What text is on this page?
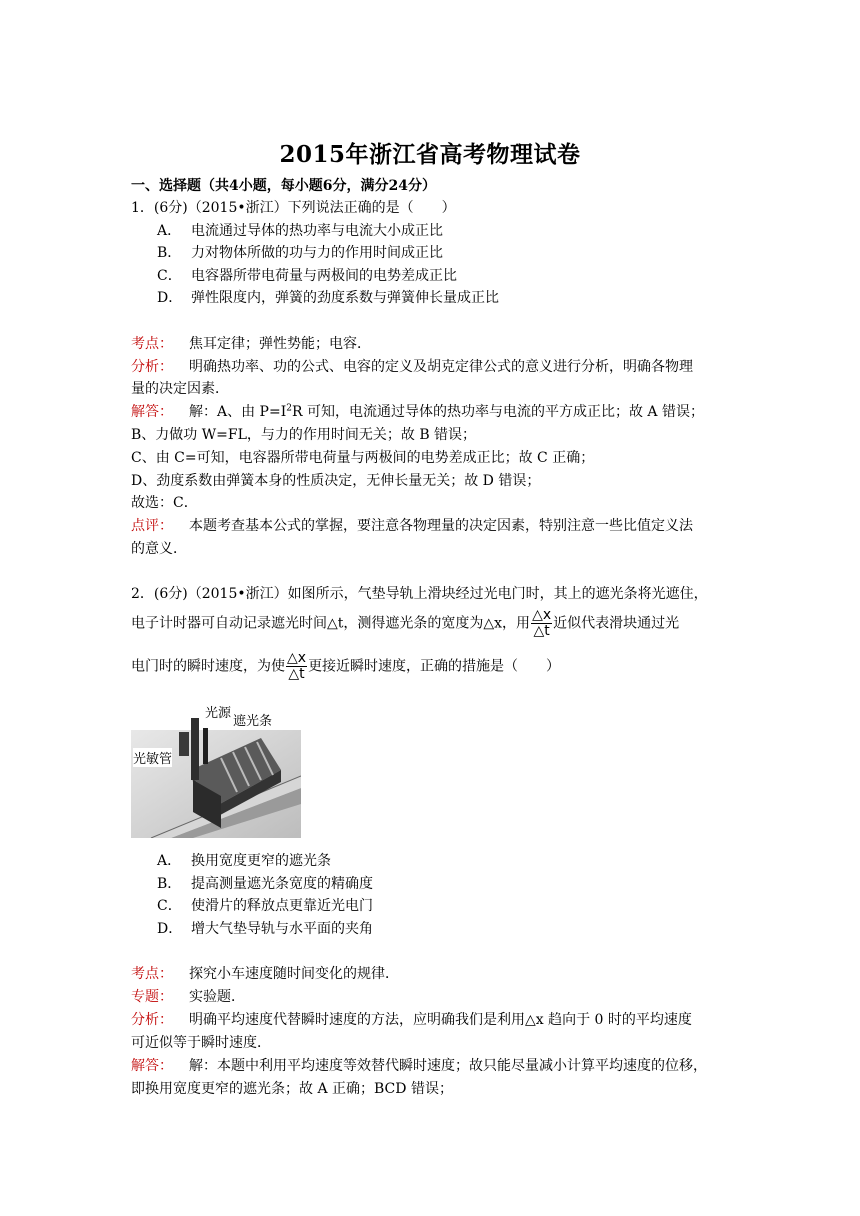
2015年浙江省高考物理试卷
一、选择题（共4小题，每小题6分，满分24分）
1．(6分)（2015•浙江）下列说法正确的是（　　）
A． 电流通过导体的热功率与电流大小成正比
B． 力对物体所做的功与力的作用时间成正比
C． 电容器所带电荷量与两极间的电势差成正比
D． 弹性限度内，弹簧的劲度系数与弹簧伸长量成正比
考点： 焦耳定律；弹性势能；电容．
分析： 明确热功率、功的公式、电容的定义及胡克定律公式的意义进行分析，明确各物理
量的决定因素．
解答： 解：A、由 $P=I^2R$ 可知，电流通过导体的热功率与电流的平方成正比；故 A 错误；
B、力做功 W=FL，与力的作用时间无关；故 B 错误；
C、由 C=可知，电容器所带电荷量与两极间的电势差成正比；故 C 正确；
D、劲度系数由弹簧本身的性质决定，无伸长量无关；故 D 错误；
故选：C．
点评： 本题考查基本公式的掌握，要注意各物理量的决定因素，特别注意一些比值定义法
的意义．
2．(6分)（2015•浙江）如图所示，气垫导轨上滑块经过光电门时，其上的遮光条将光遮住，
电子计时器可自动记录遮光时间△t，测得遮光条的宽度为△x，用 $\frac{\triangle x}{\triangle t}$ 近似代表滑块通过光
电门时的瞬时速度，为使 $\frac{\triangle x}{\triangle t}$ 更接近瞬时速度，正确的措施是（　　）
光源
遮光条
光敏管
A． 换用宽度更窄的遮光条
B． 提高测量遮光条宽度的精确度
C． 使滑片的释放点更靠近光电门
D． 增大气垫导轨与水平面的夹角
考点： 探究小车速度随时间变化的规律．
专题： 实验题．
分析： 明确平均速度代替瞬时速度的方法，应明确我们是利用△x 趋向于 0 时的平均速度
可近似等于瞬时速度．
解答： 解：本题中利用平均速度等效替代瞬时速度；故只能尽量减小计算平均速度的位移，
即换用宽度更窄的遮光条；故 A 正确；BCD 错误；
